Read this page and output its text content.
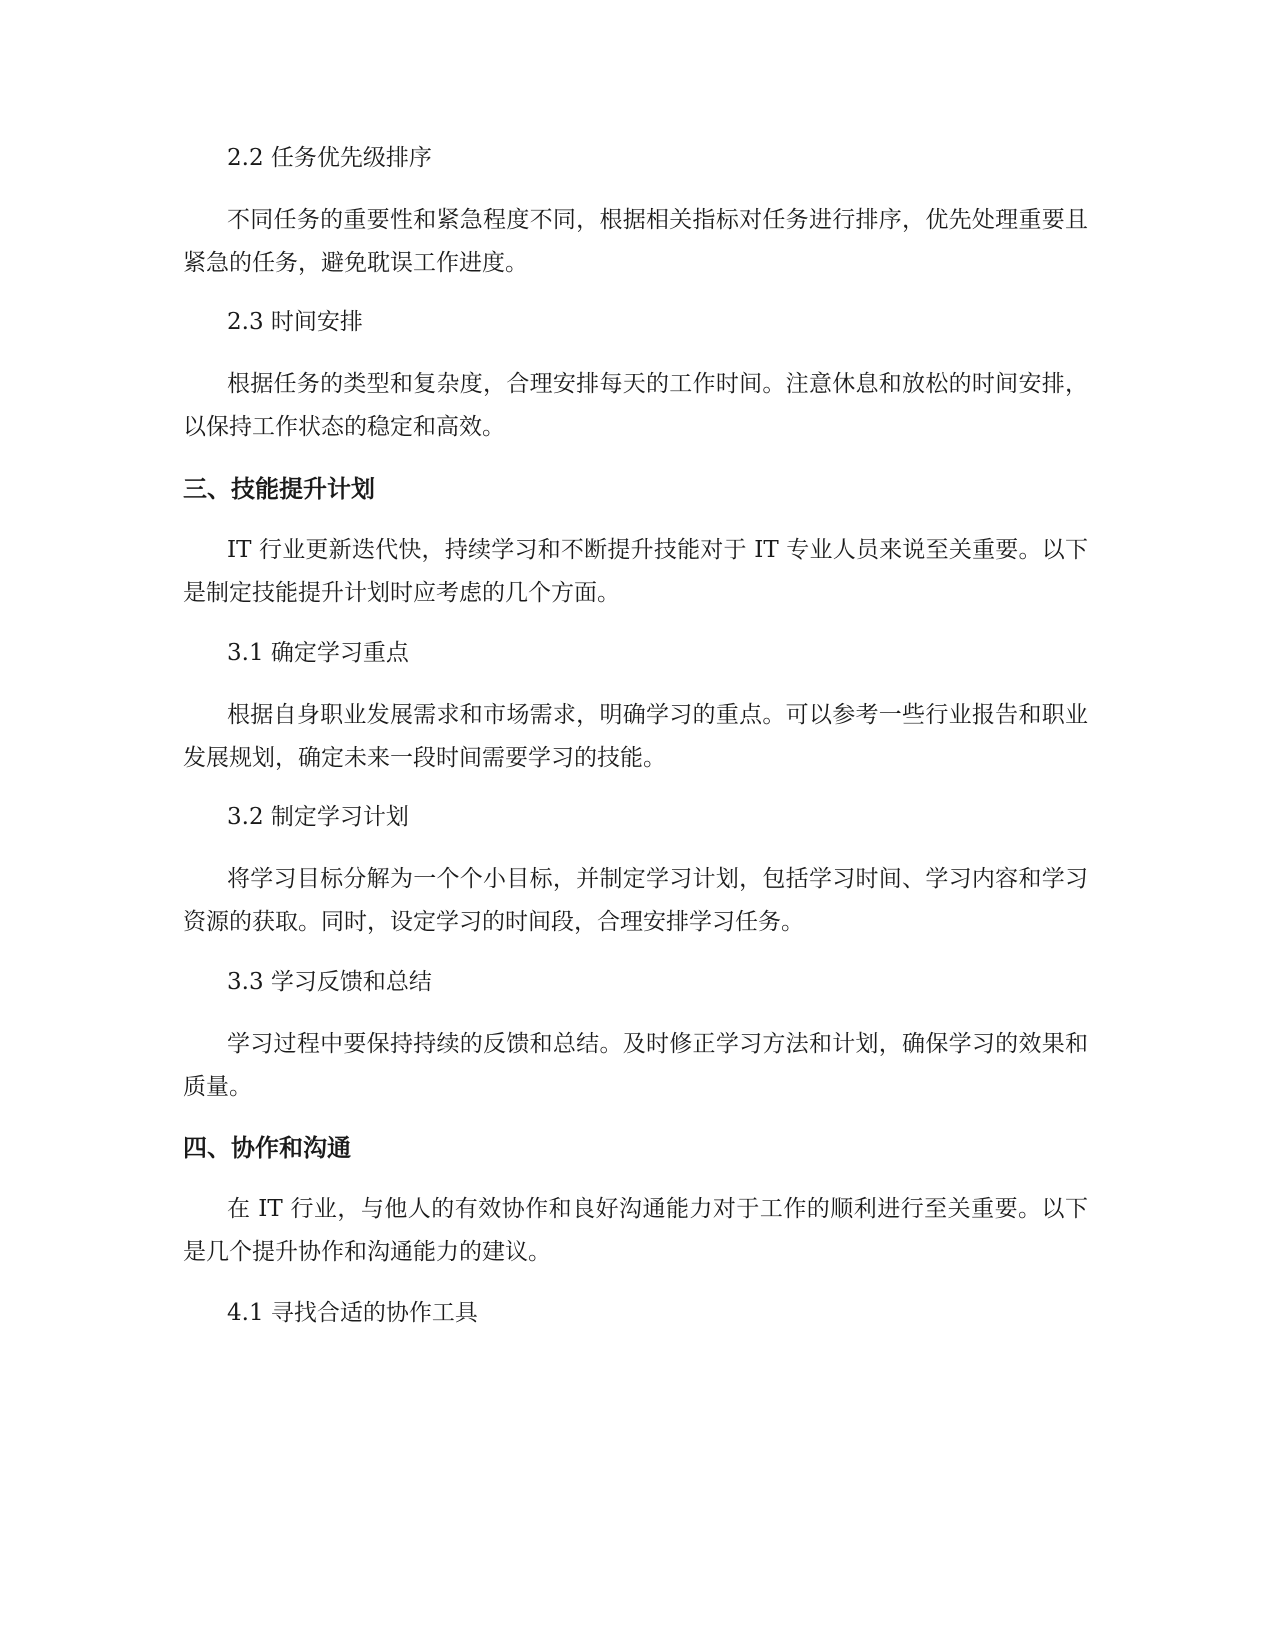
2.2 任务优先级排序

不同任务的重要性和紧急程度不同，根据相关指标对任务进行排序，优先处理重要且紧急的任务，避免耽误工作进度。

2.3 时间安排

根据任务的类型和复杂度，合理安排每天的工作时间。注意休息和放松的时间安排，以保持工作状态的稳定和高效。

三、技能提升计划

IT 行业更新迭代快，持续学习和不断提升技能对于 IT 专业人员来说至关重要。以下是制定技能提升计划时应考虑的几个方面。

3.1 确定学习重点

根据自身职业发展需求和市场需求，明确学习的重点。可以参考一些行业报告和职业发展规划，确定未来一段时间需要学习的技能。

3.2 制定学习计划

将学习目标分解为一个个小目标，并制定学习计划，包括学习时间、学习内容和学习资源的获取。同时，设定学习的时间段，合理安排学习任务。

3.3 学习反馈和总结

学习过程中要保持持续的反馈和总结。及时修正学习方法和计划，确保学习的效果和质量。

四、协作和沟通

在 IT 行业，与他人的有效协作和良好沟通能力对于工作的顺利进行至关重要。以下是几个提升协作和沟通能力的建议。

4.1 寻找合适的协作工具
